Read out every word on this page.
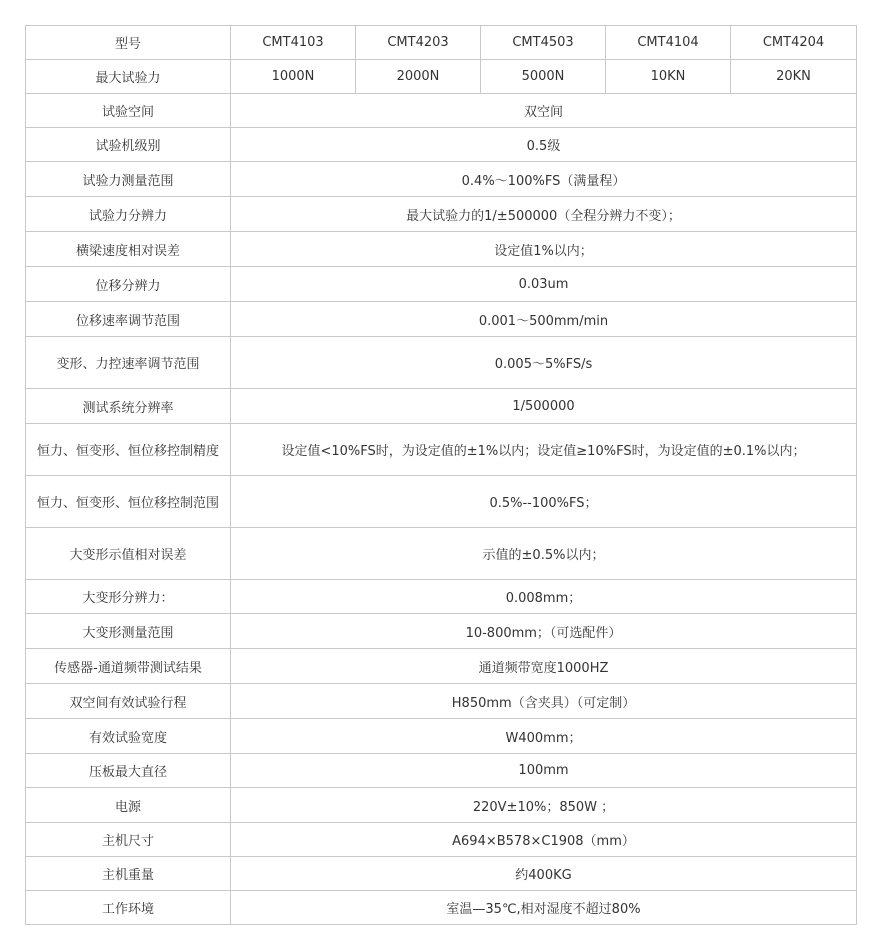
型号	CMT4103	CMT4203	CMT4503	CMT4104	CMT4204
最大试验力	1000N	2000N	5000N	10KN	20KN
试验空间	双空间				
试验机级别	0.5级				
试验力测量范围	0.4%～100%FS（满量程）				
试验力分辨力	最大试验力的1/±500000（全程分辨力不变）；				
横梁速度相对误差	设定值1%以内；				
位移分辨力	0.03um				
位移速率调节范围	0.001～500mm/min				
变形、力控速率调节范围	0.005～5%FS/s				
测试系统分辨率	1/500000				
恒力、恒变形、恒位移控制精度	设定值<10%FS时，为设定值的±1%以内；设定值≥10%FS时，为设定值的±0.1%以内；				
恒力、恒变形、恒位移控制范围	0.5%--100%FS；				
大变形示值相对误差	示值的±0.5%以内；				
大变形分辨力：	0.008mm；				
大变形测量范围	10-800mm；（可选配件）				
传感器-通道频带测试结果	通道频带宽度1000HZ				
双空间有效试验行程	H850mm（含夹具）（可定制）				
有效试验宽度	W400mm；				
压板最大直径	100mm				
电源	220V±10%；850W ；				
主机尺寸	A694×B578×C1908（mm）				
主机重量	约400KG				
工作环境	室温—35℃,相对湿度不超过80%				
